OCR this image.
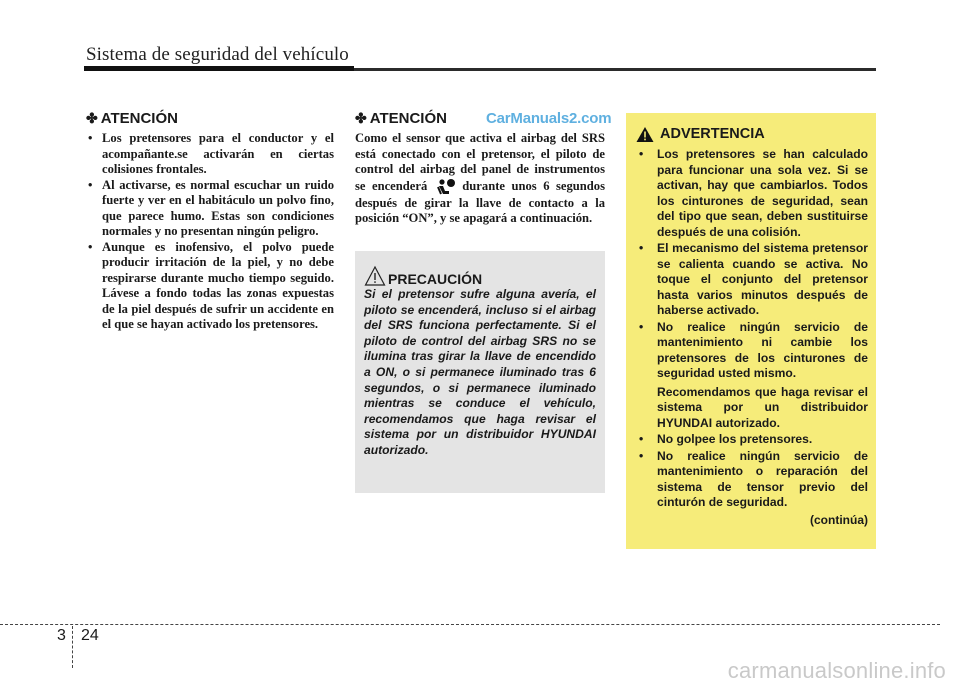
Sistema de seguridad del vehículo
✤ ATENCIÓN
• Los pretensores para el conductor y el acompañante.se activarán en ciertas colisiones frontales.
• Al activarse, es normal escuchar un ruido fuerte y ver en el habitáculo un polvo fino, que parece humo. Estas son condiciones normales y no presentan ningún peligro.
• Aunque es inofensivo, el polvo puede producir irritación de la piel, y no debe respirarse durante mucho tiempo seguido. Lávese a fondo todas las zonas expuestas de la piel después de sufrir un accidente en el que se hayan activado los pretensores.
✤ ATENCIÓN

Como el sensor que activa el airbag del SRS está conectado con el pretensor, el piloto de control del airbag del panel de instrumentos se encenderá	durante unos 6 segundos después de girar la llave de contacto a la posición “ON”, y se apagará a continuación.

CarManuals2.com
PRECAUCIÓN
Si el pretensor sufre alguna avería, el piloto se encenderá, incluso si el airbag del SRS funciona perfectamente. Si el piloto de control del airbag SRS no se ilumina tras girar la llave de encendido a ON, o si permanece iluminado tras 6 segundos, o si permanece iluminado mientras se conduce el vehículo, recomendamos que haga revisar el sistema por un distribuidor HYUNDAI autorizado.
ADVERTENCIA
• Los pretensores se han calculado para funcionar una sola vez. Si se activan, hay que cambiarlos. Todos los cinturones de seguridad, sean del tipo que sean, deben sustituirse después de una colisión.
• El mecanismo del sistema pretensor se calienta cuando se activa. No toque el conjunto del pretensor hasta varios minutos después de haberse activado.
• No realice ningún servicio de mantenimiento ni cambie los pretensores de los cinturones de seguridad usted mismo.

Recomendamos que haga revisar el sistema por un distribuidor HYUNDAI autorizado.

• No golpee los pretensores.
• No realice ningún servicio de mantenimiento o reparación del sistema de tensor previo del cinturón de seguridad.
(continúa)
3 24
carmanualsonline.info
